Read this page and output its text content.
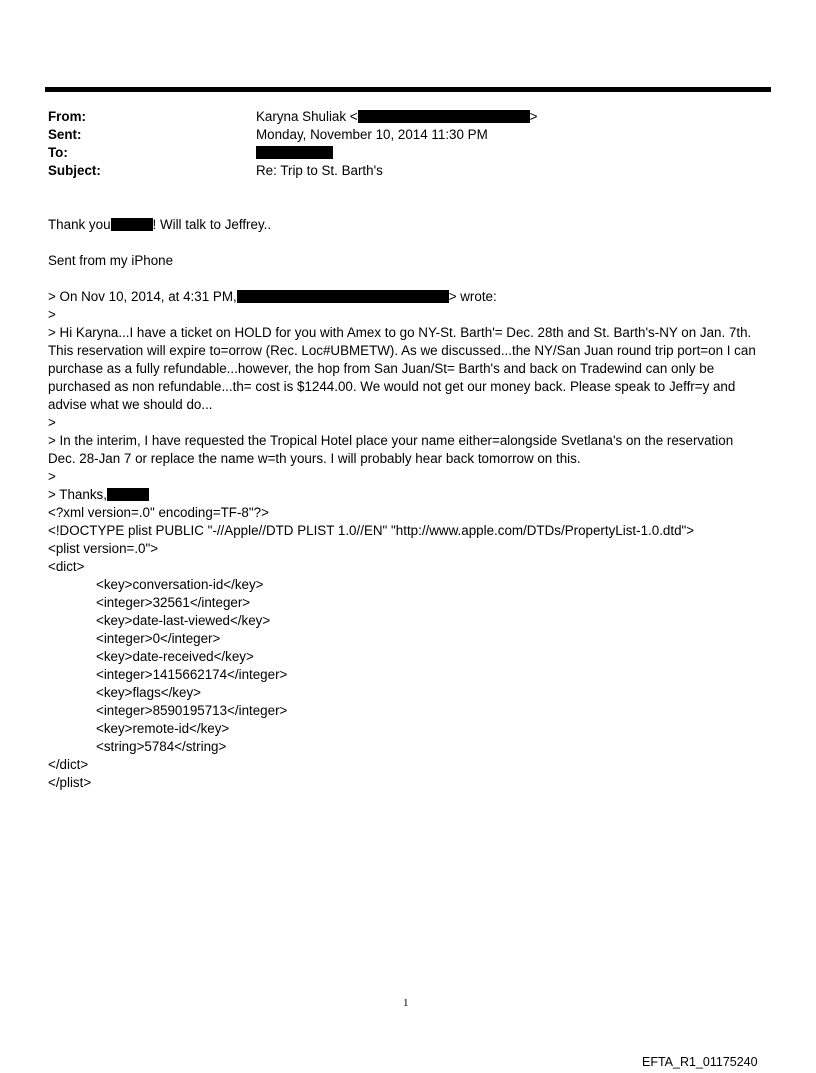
From:	Karyna Shuliak <	>
Sent:	Monday, November 10, 2014 11:30 PM
To:
Subject:	Re: Trip to St. Barth's
Thank you	! Will talk to Jeffrey..
Sent from my iPhone
> On Nov 10, 2014, at 4:31 PM,	> wrote:
>
> Hi Karyna...I have a ticket on HOLD for you with Amex to go NY-St. Barth'= Dec. 28th and St. Barth's-NY on Jan. 7th.
This reservation will expire to=orrow (Rec. Loc#UBMETW). As we discussed...the NY/San Juan round trip port=on I can
purchase as a fully refundable...however, the hop from San Juan/St= Barth's and back on Tradewind can only be
purchased as non refundable...th= cost is $1244.00. We would not get our money back. Please speak to Jeffr=y and
advise what we should do...
>
> In the interim, I have requested the Tropical Hotel place your name either=alongside Svetlana's on the reservation
Dec. 28-Jan 7 or replace the name w=th yours. I will probably hear back tomorrow on this.
>
> Thanks,
<?xml version=.0" encoding=TF-8"?>
<!DOCTYPE plist PUBLIC "-//Apple//DTD PLIST 1.0//EN" "http://www.apple.com/DTDs/PropertyList-1.0.dtd">
<plist version=.0">
<dict>
<key>conversation-id</key>
<integer>32561</integer>
<key>date-last-viewed</key>
<integer>0</integer>
<key>date-received</key>
<integer>1415662174</integer>
<key>flags</key>
<integer>8590195713</integer>
<key>remote-id</key>
<string>5784</string>
</dict>
</plist>
1
EFTA_R1_01175240
